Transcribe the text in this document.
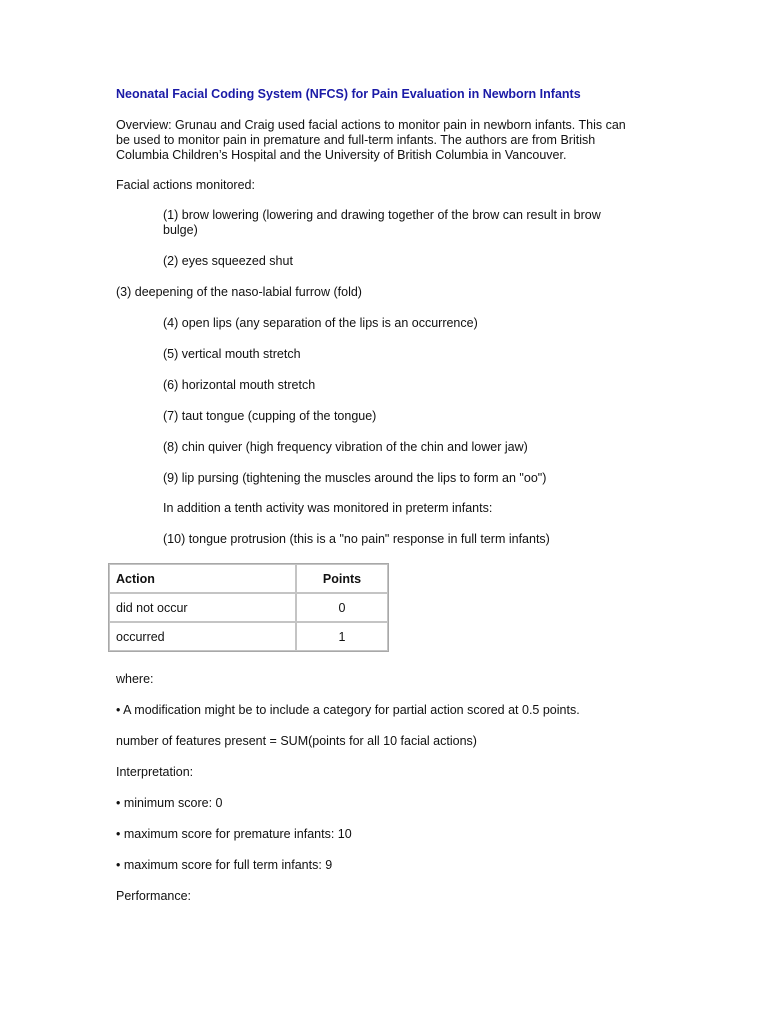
Neonatal Facial Coding System (NFCS) for Pain Evaluation in Newborn Infants
Overview: Grunau and Craig used facial actions to monitor pain in newborn infants. This can
be used to monitor pain in premature and full-term infants. The authors are from British
Columbia Children’s Hospital and the University of British Columbia in Vancouver.
Facial actions monitored:
(1) brow lowering (lowering and drawing together of the brow can result in brow
bulge)
(2) eyes squeezed shut
(3) deepening of the naso-labial furrow (fold)
(4) open lips (any separation of the lips is an occurrence)
(5) vertical mouth stretch
(6) horizontal mouth stretch
(7) taut tongue (cupping of the tongue)
(8) chin quiver (high frequency vibration of the chin and lower jaw)
(9) lip pursing (tightening the muscles around the lips to form an "oo")
In addition a tenth activity was monitored in preterm infants:
(10) tongue protrusion (this is a "no pain" response in full term infants)
Action	Points
did not occur	0
occurred	1
where:
• A modification might be to include a category for partial action scored at 0.5 points.
number of features present = SUM(points for all 10 facial actions)
Interpretation:
• minimum score: 0
• maximum score for premature infants: 10
• maximum score for full term infants: 9
Performance:
